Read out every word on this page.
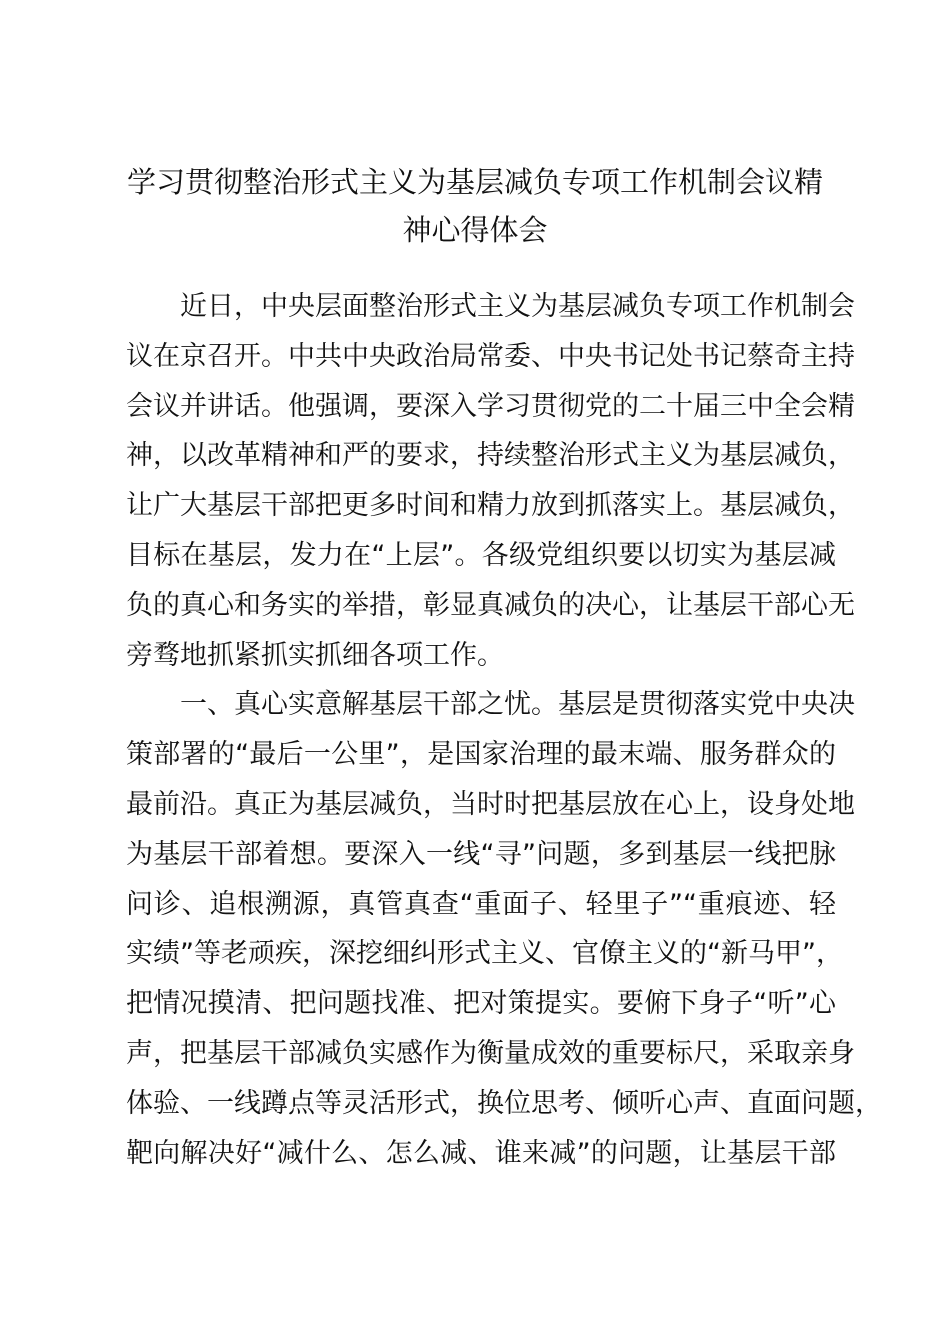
学习贯彻整治形式主义为基层减负专项工作机制会议精
神心得体会
近日，中央层面整治形式主义为基层减负专项工作机制会
议在京召开。中共中央政治局常委、中央书记处书记蔡奇主持
会议并讲话。他强调，要深入学习贯彻党的二十届三中全会精
神，以改革精神和严的要求，持续整治形式主义为基层减负，
让广大基层干部把更多时间和精力放到抓落实上。基层减负，
目标在基层，发力在“上层”。各级党组织要以切实为基层减
负的真心和务实的举措，彰显真减负的决心，让基层干部心无
旁骛地抓紧抓实抓细各项工作。
一、真心实意解基层干部之忧。基层是贯彻落实党中央决
策部署的“最后一公里”，是国家治理的最末端、服务群众的
最前沿。真正为基层减负，当时时把基层放在心上，设身处地
为基层干部着想。要深入一线“寻”问题，多到基层一线把脉
问诊、追根溯源，真管真查“重面子、轻里子”“重痕迹、轻
实绩”等老顽疾，深挖细纠形式主义、官僚主义的“新马甲”，
把情况摸清、把问题找准、把对策提实。要俯下身子“听”心
声，把基层干部减负实感作为衡量成效的重要标尺，采取亲身
体验、一线蹲点等灵活形式，换位思考、倾听心声、直面问题，
靶向解决好“减什么、怎么减、谁来减”的问题，让基层干部
